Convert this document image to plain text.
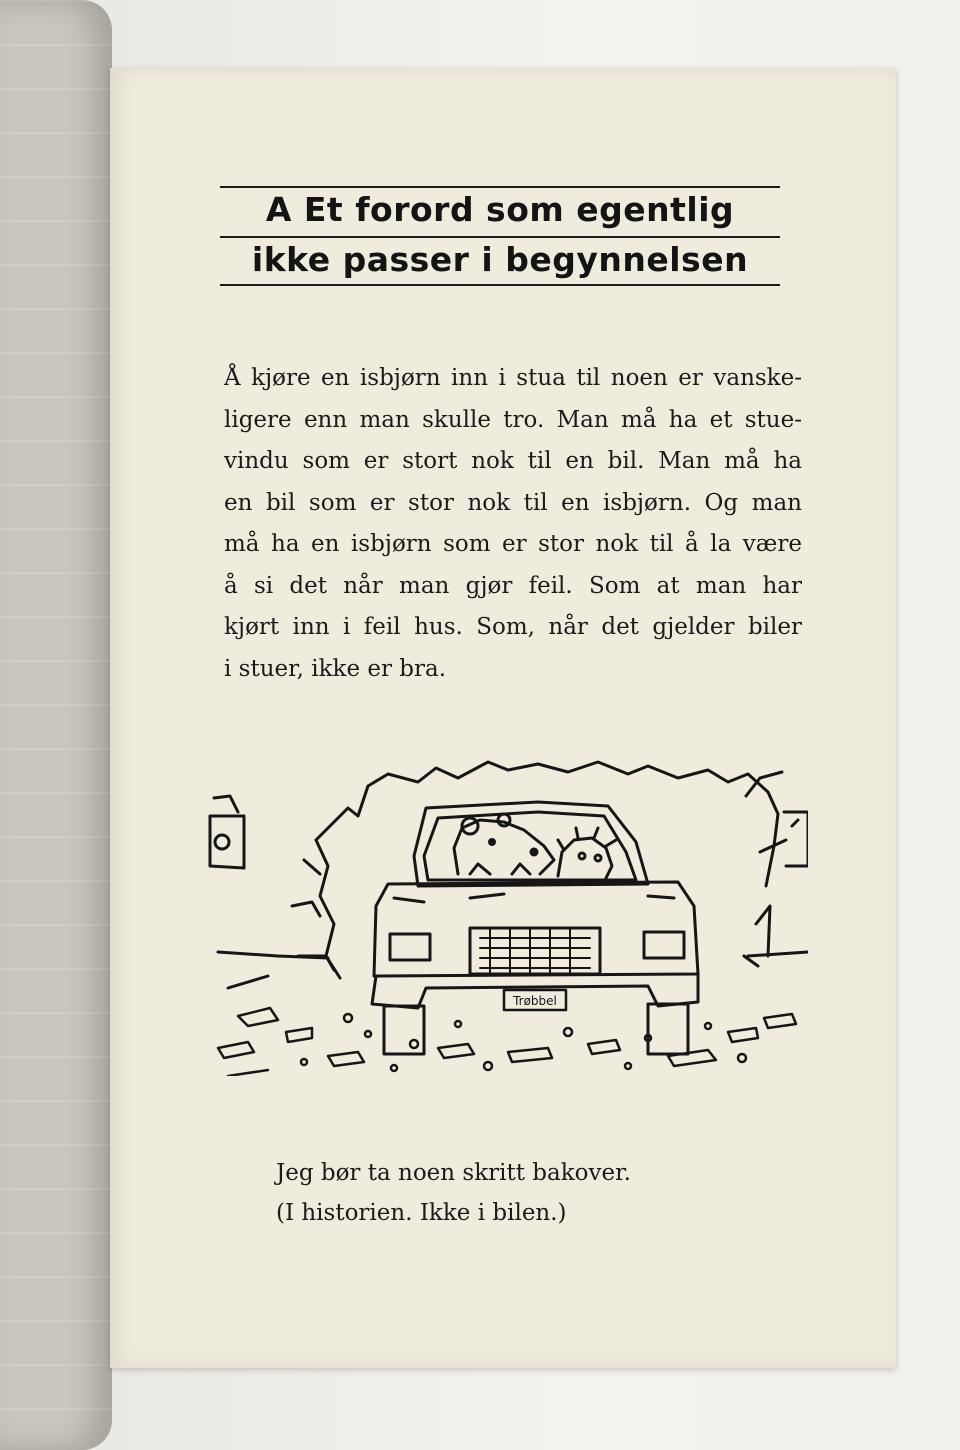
A Et forord som egentlig
ikke passer i begynnelsen
Å kjøre en isbjørn inn i stua til noen er vanske-
ligere enn man skulle tro. Man må ha et stue-
vindu som er stort nok til en bil. Man må ha
en bil som er stor nok til en isbjørn. Og man
må ha en isbjørn som er stor nok til å la være
å si det når man gjør feil. Som at man har
kjørt inn i feil hus. Som, når det gjelder biler
i stuer, ikke er bra.
Trøbbel
Jeg bør ta noen skritt bakover.
(I historien. Ikke i bilen.)
